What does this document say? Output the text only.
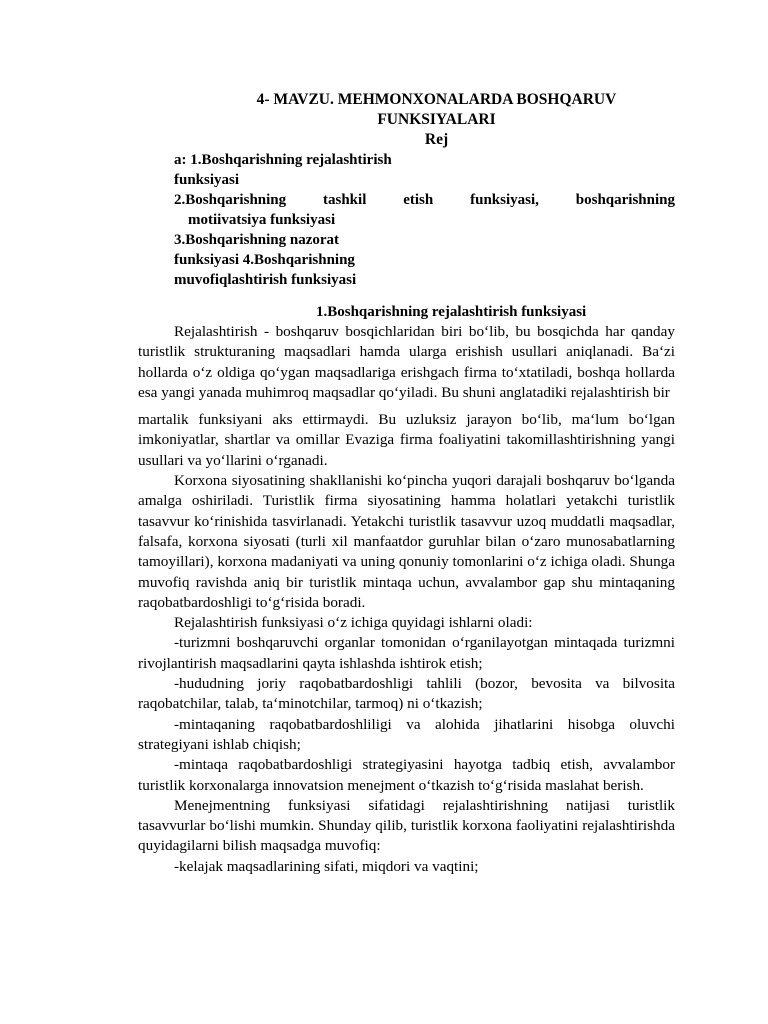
4- MAVZU. MEHMONXONALARDA BOSHQARUV
FUNKSIYALARI
Rej
a: 1.Boshqarishning rejalashtirish
funksiyasi
2.Boshqarishning tashkil etish funksiyasi, boshqarishning
motiivatsiya funksiyasi
3.Boshqarishning nazorat
funksiyasi 4.Boshqarishning
muvofiqlashtirish funksiyasi
1.Boshqarishning rejalashtirish funksiyasi

Rejalashtirish - boshqaruv bosqichlaridan biri bo‘lib, bu bosqichda har qanday turistlik strukturaning maqsadlari hamda ularga erishish usullari aniqlanadi. Ba‘zi hollarda o‘z oldiga qo‘ygan maqsadlariga erishgach firma to‘xtatiladi, boshqa hollarda esa yangi yanada muhimroq maqsadlar qo‘yiladi. Bu shuni anglatadiki rejalashtirish bir

martalik funksiyani aks ettirmaydi. Bu uzluksiz jarayon bo‘lib, ma‘lum bo‘lgan imkoniyatlar, shartlar va omillar Evaziga firma foaliyatini takomillashtirishning yangi usullari va yo‘llarini o‘rganadi.

Korxona siyosatining shakllanishi ko‘pincha yuqori darajali boshqaruv bo‘lganda amalga oshiriladi. Turistlik firma siyosatining hamma holatlari yetakchi turistlik tasavvur ko‘rinishida tasvirlanadi. Yetakchi turistlik tasavvur uzoq muddatli maqsadlar, falsafa, korxona siyosati (turli xil manfaatdor guruhlar bilan o‘zaro munosabatlarning tamoyillari), korxona madaniyati va uning qonuniy tomonlarini o‘z ichiga oladi. Shunga muvofiq ravishda aniq bir turistlik mintaqa uchun, avvalambor gap shu mintaqaning raqobatbardoshligi to‘g‘risida boradi.

Rejalashtirish funksiyasi o‘z ichiga quyidagi ishlarni oladi:

-turizmni boshqaruvchi organlar tomonidan o‘rganilayotgan mintaqada turizmni rivojlantirish maqsadlarini qayta ishlashda ishtirok etish;

-hududning joriy raqobatbardoshligi tahlili (bozor, bevosita va bilvosita raqobatchilar, talab, ta‘minotchilar, tarmoq) ni o‘tkazish;

-mintaqaning raqobatbardoshliligi va alohida jihatlarini hisobga oluvchi strategiyani ishlab chiqish;

-mintaqa raqobatbardoshligi strategiyasini hayotga tadbiq etish, avvalambor turistlik korxonalarga innovatsion menejment o‘tkazish to‘g‘risida maslahat berish.

Menejmentning funksiyasi sifatidagi rejalashtirishning natijasi turistlik tasavvurlar bo‘lishi mumkin. Shunday qilib, turistlik korxona faoliyatini rejalashtirishda quyidagilarni bilish maqsadga muvofiq:

-kelajak maqsadlarining sifati, miqdori va vaqtini;
